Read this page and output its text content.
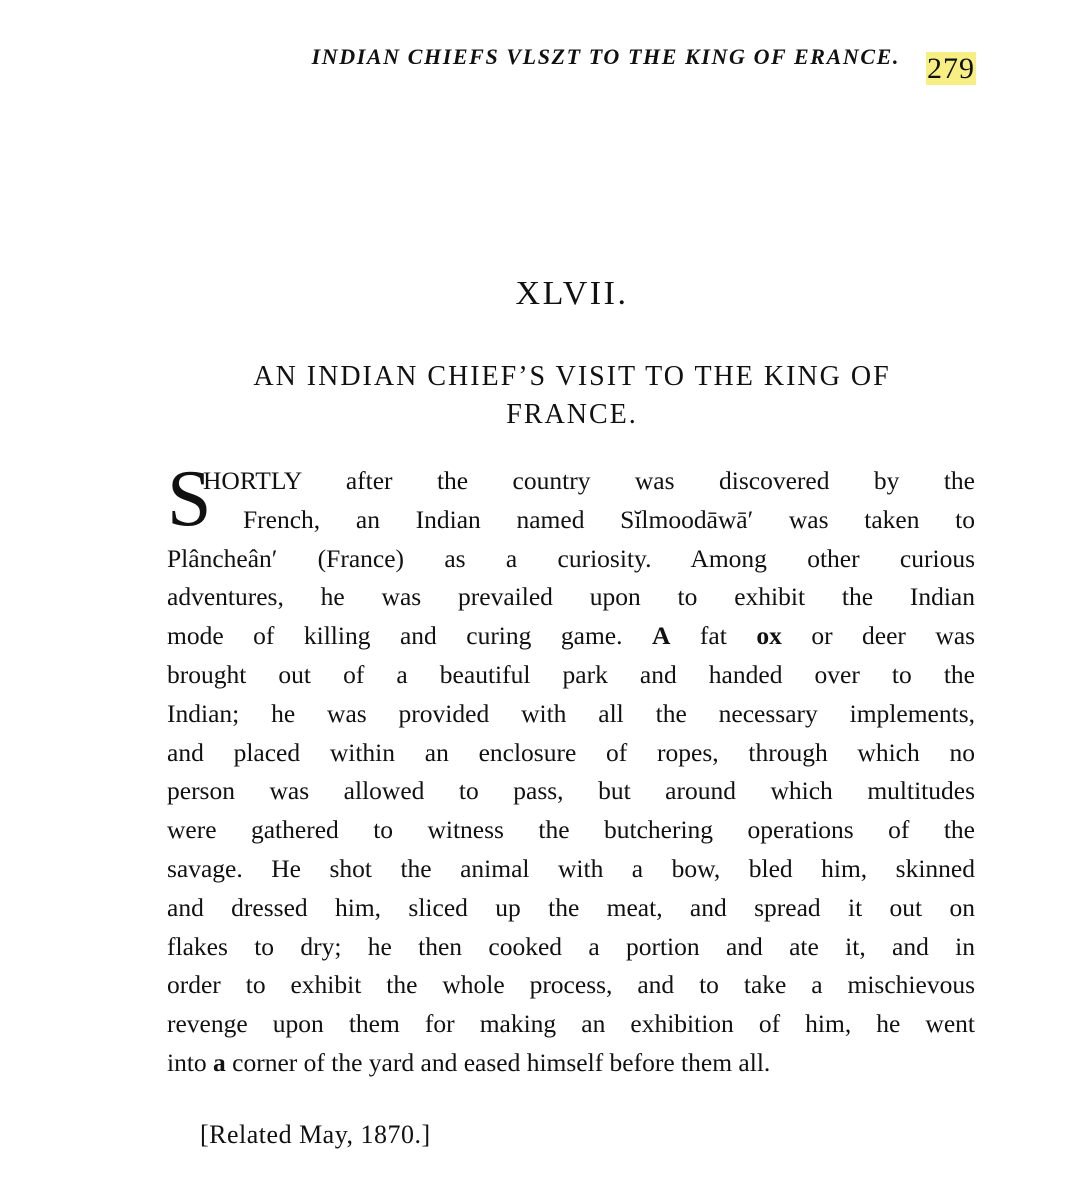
INDIAN CHIEFS VLSZT TO THE KING OF ERANCE. 279
XLVII.
AN INDIAN CHIEF’S VISIT TO THE KING OF
FRANCE.
S
HORTLY after the country was discovered by the
French, an Indian named Sĭlmoodāwā′ was taken to
Plâncheân′ (France) as a curiosity. Among other curious
adventures, he was prevailed upon to exhibit the Indian
mode of killing and curing game. A fat ox or deer was
brought out of a beautiful park and handed over to the
Indian; he was provided with all the necessary implements,
and placed within an enclosure of ropes, through which no
person was allowed to pass, but around which multitudes
were gathered to witness the butchering operations of the
savage. He shot the animal with a bow, bled him, skinned
and dressed him, sliced up the meat, and spread it out on
flakes to dry; he then cooked a portion and ate it, and in
order to exhibit the whole process, and to take a mischievous
revenge upon them for making an exhibition of him, he went
into a corner of the yard and eased himself before them all.
[Related May, 1870.]
